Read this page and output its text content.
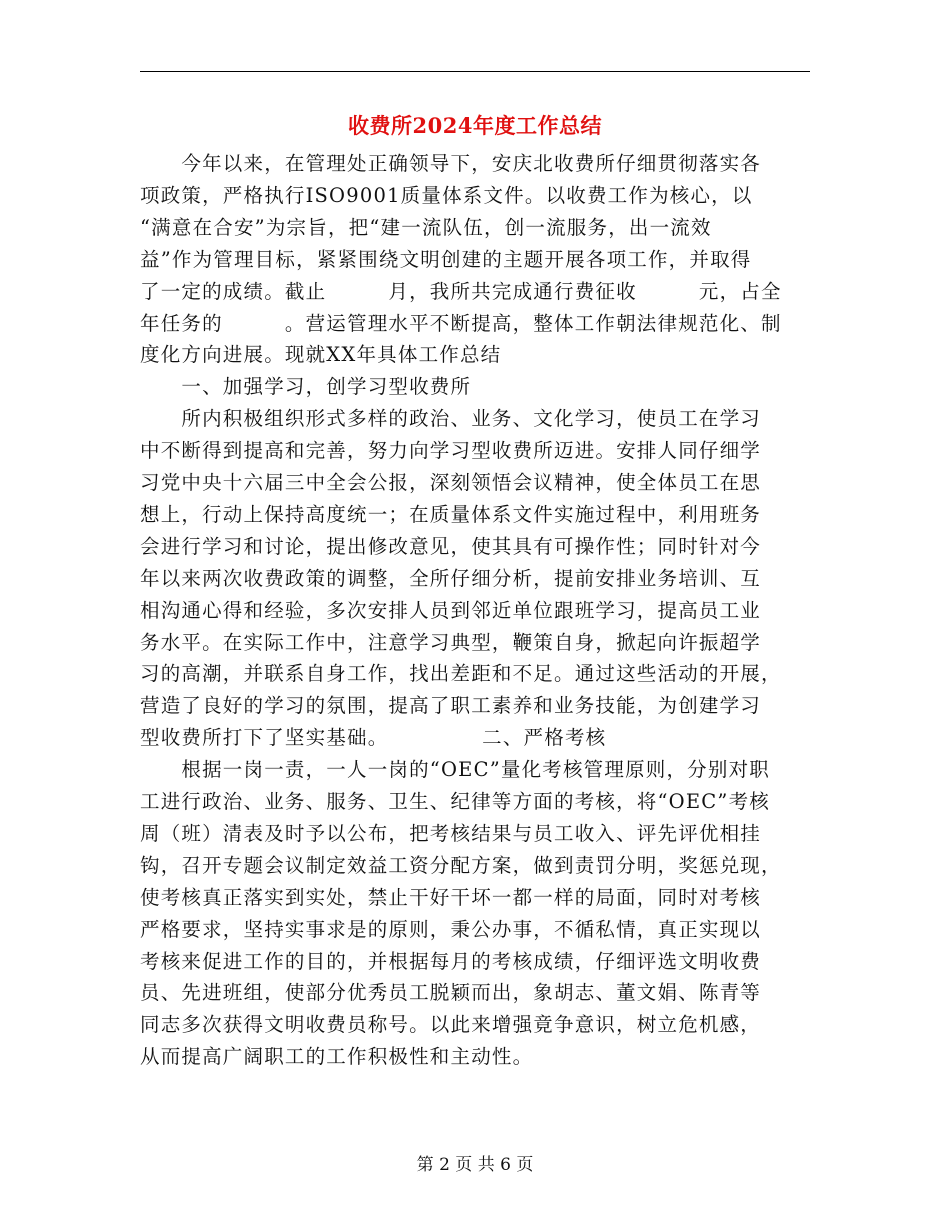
收费所2024年度工作总结
　　今年以来，在管理处正确领导下，安庆北收费所仔细贯彻落实各
项政策，严格执行ISO9001质量体系文件。以收费工作为核心，以
“满意在合安”为宗旨，把“建一流队伍，创一流服务，出一流效
益”作为管理目标，紧紧围绕文明创建的主题开展各项工作，并取得
了一定的成绩。截止　　　月，我所共完成通行费征收　　　元，占全
年任务的　　　。营运管理水平不断提高，整体工作朝法律规范化、制
度化方向进展。现就XX年具体工作总结
　　一、加强学习，创学习型收费所
　　所内积极组织形式多样的政治、业务、文化学习，使员工在学习
中不断得到提高和完善，努力向学习型收费所迈进。安排人同仔细学
习党中央十六届三中全会公报，深刻领悟会议精神，使全体员工在思
想上，行动上保持高度统一；在质量体系文件实施过程中，利用班务
会进行学习和讨论，提出修改意见，使其具有可操作性；同时针对今
年以来两次收费政策的调整，全所仔细分析，提前安排业务培训、互
相沟通心得和经验，多次安排人员到邻近单位跟班学习，提高员工业
务水平。在实际工作中，注意学习典型，鞭策自身，掀起向许振超学
习的高潮，并联系自身工作，找出差距和不足。通过这些活动的开展，
营造了良好的学习的氛围，提高了职工素养和业务技能，为创建学习
型收费所打下了坚实基础。　　　　　二、严格考核
　　根据一岗一责，一人一岗的“OEC”量化考核管理原则，分别对职
工进行政治、业务、服务、卫生、纪律等方面的考核，将“OEC”考核
周（班）清表及时予以公布，把考核结果与员工收入、评先评优相挂
钩，召开专题会议制定效益工资分配方案，做到责罚分明，奖惩兑现，
使考核真正落实到实处，禁止干好干坏一都一样的局面，同时对考核
严格要求，坚持实事求是的原则，秉公办事，不循私情，真正实现以
考核来促进工作的目的，并根据每月的考核成绩，仔细评选文明收费
员、先进班组，使部分优秀员工脱颖而出，象胡志、董文娟、陈青等
同志多次获得文明收费员称号。以此来增强竟争意识，树立危机感，
从而提高广阔职工的工作积极性和主动性。
第 2 页 共 6 页
